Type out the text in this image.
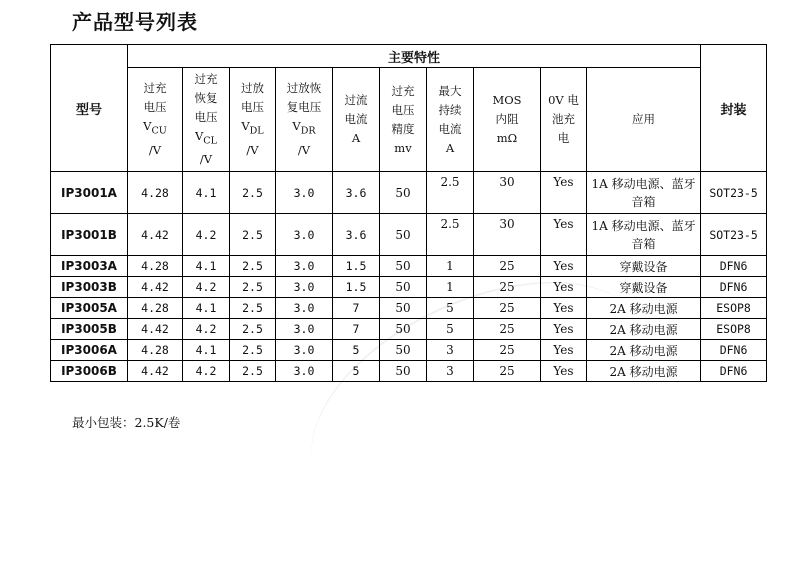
产品型号列表
型号	主要特性										封装
	过充
电压
$V_{CU}$
/V	过充
恢复
电压
$V_{CL}$
/V	过放
电压
$V_{DL}$
/V	过放恢
复电压
$V_{DR}$
/V	过流
电流
A	过充
电压
精度
mv	最大
持续
电流
A	MOS
内阻
mΩ	0V 电
池充
电	应用	
IP3001A	4.28	4.1	2.5	3.0	3.6	50	2.5	30	Yes	1A 移动电源、蓝牙音箱	SOT23-5
IP3001B	4.42	4.2	2.5	3.0	3.6	50	2.5	30	Yes	1A 移动电源、蓝牙音箱	SOT23-5
IP3003A	4.28	4.1	2.5	3.0	1.5	50	1	25	Yes	穿戴设备	DFN6
IP3003B	4.42	4.2	2.5	3.0	1.5	50	1	25	Yes	穿戴设备	DFN6
IP3005A	4.28	4.1	2.5	3.0	7	50	5	25	Yes	2A 移动电源	ESOP8
IP3005B	4.42	4.2	2.5	3.0	7	50	5	25	Yes	2A 移动电源	ESOP8
IP3006A	4.28	4.1	2.5	3.0	5	50	3	25	Yes	2A 移动电源	DFN6
IP3006B	4.42	4.2	2.5	3.0	5	50	3	25	Yes	2A 移动电源	DFN6
最小包装：2.5K/卷
